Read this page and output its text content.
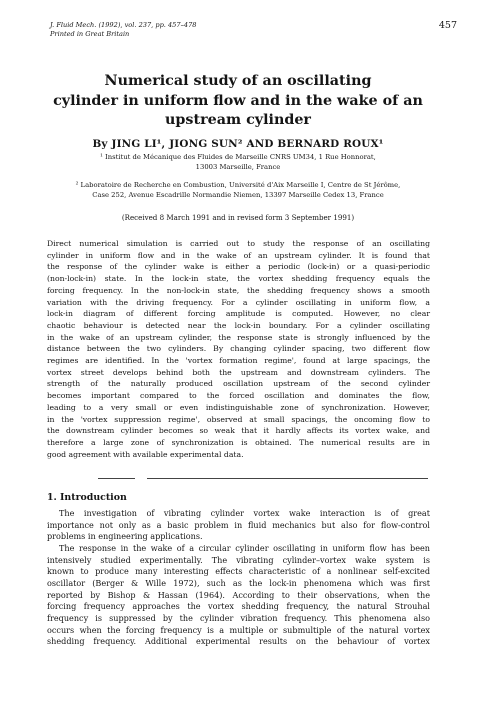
J. Fluid Mech. (1992), vol. 237, pp. 457–478
Printed in Great Britain
457
Numerical study of an oscillating
cylinder in uniform flow and in the wake of an
upstream cylinder
By JING LI¹, JIONG SUN² AND BERNARD ROUX¹
¹ Institut de Mécanique des Fluides de Marseille CNRS UM34, 1 Rue Honnorat,
13003 Marseille, France
² Laboratoire de Recherche en Combustion, Université d'Aix Marseille I, Centre de St Jérôme,
Case 252, Avenue Escadrille Normandie Niemen, 13397 Marseille Cedex 13, France
(Received 8 March 1991 and in revised form 3 September 1991)
Direct numerical simulation is carried out to study the response of an oscillating
cylinder in uniform flow and in the wake of an upstream cylinder. It is found that
the response of the cylinder wake is either a periodic (lock-in) or a quasi-periodic
(non-lock-in) state. In the lock-in state, the vortex shedding frequency equals the
forcing frequency. In the non-lock-in state, the shedding frequency shows a smooth
variation with the driving frequency. For a cylinder oscillating in uniform flow, a
lock-in diagram of different forcing amplitude is computed. However, no clear
chaotic behaviour is detected near the lock-in boundary. For a cylinder oscillating
in the wake of an upstream cylinder, the response state is strongly influenced by the
distance between the two cylinders. By changing cylinder spacing, two different flow
regimes are identified. In the 'vortex formation regime', found at large spacings, the
vortex street develops behind both the upstream and downstream cylinders. The
strength of the naturally produced oscillation upstream of the second cylinder
becomes important compared to the forced oscillation and dominates the flow,
leading to a very small or even indistinguishable zone of synchronization. However,
in the 'vortex suppression regime', observed at small spacings, the oncoming flow to
the downstream cylinder becomes so weak that it hardly affects its vortex wake, and
therefore a large zone of synchronization is obtained. The numerical results are in
good agreement with available experimental data.
1. Introduction
The investigation of vibrating cylinder vortex wake interaction is of great
importance not only as a basic problem in fluid mechanics but also for flow-control
problems in engineering applications.
The response in the wake of a circular cylinder oscillating in uniform flow has been
intensively studied experimentally. The vibrating cylinder–vortex wake system is
known to produce many interesting effects characteristic of a nonlinear self-excited
oscillator (Berger & Wille 1972), such as the lock-in phenomena which was first
reported by Bishop & Hassan (1964). According to their observations, when the
forcing frequency approaches the vortex shedding frequency, the natural Strouhal
frequency is suppressed by the cylinder vibration frequency. This phenomena also
occurs when the forcing frequency is a multiple or submultiple of the natural vortex
shedding frequency. Additional experimental results on the behaviour of vortex
